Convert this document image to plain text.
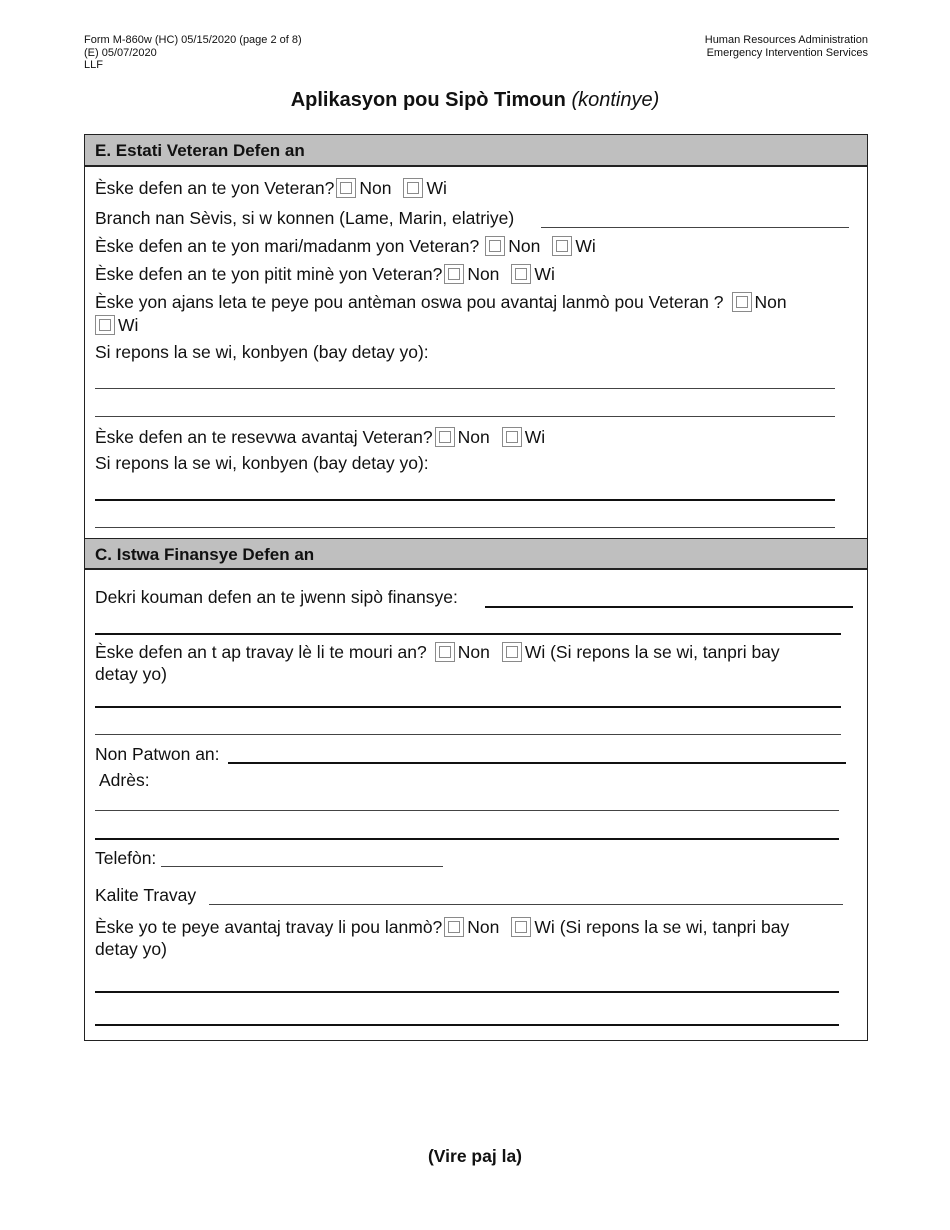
Form M-860w (HC) 05/15/2020 (page 2 of 8)
(E) 05/07/2020
LLF
Human Resources Administration
Emergency Intervention Services
Aplikasyon pou Sipò Timoun (kontinye)
E. Estati Veteran Defen an
Èske defen an te yon Veteran? Non Wi
Branch nan Sèvis, si w konnen (Lame, Marin, elatriye)
Èske defen an te yon mari/madanm yon Veteran? Non Wi
Èske defen an te yon pitit minè yon Veteran? Non Wi
Èske yon ajans leta te peye pou antèman oswa pou avantaj lanmò pou Veteran ? Non
Wi
Si repons la se wi, konbyen (bay detay yo):
Èske defen an te resevwa avantaj Veteran? Non Wi
Si repons la se wi, konbyen (bay detay yo):
C. Istwa Finansye Defen an
Dekri kouman defen an te jwenn sipò finansye:
Èske defen an t ap travay lè li te mouri an? Non Wi (Si repons la se wi, tanpri bay
detay yo)
Non Patwon an:
Adrès:
Telefòn:
Kalite Travay
Èske yo te peye avantaj travay li pou lanmò? Non Wi (Si repons la se wi, tanpri bay
detay yo)
(Vire paj la)
